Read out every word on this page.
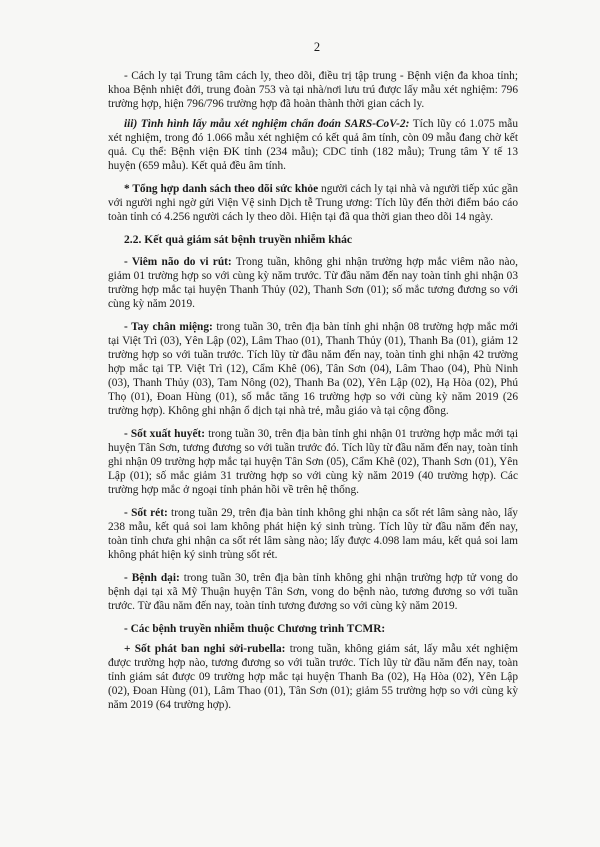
2

- Cách ly tại Trung tâm cách ly, theo dõi, điều trị tập trung - Bệnh viện đa khoa tỉnh; khoa Bệnh nhiệt đới, trung đoàn 753 và tại nhà/nơi lưu trú được lấy mẫu xét nghiệm: 796 trường hợp, hiện 796/796 trường hợp đã hoàn thành thời gian cách ly.

iii) Tình hình lấy mẫu xét nghiệm chẩn đoán SARS-CoV-2: Tích lũy có 1.075 mẫu xét nghiệm, trong đó 1.066 mẫu xét nghiệm có kết quả âm tính, còn 09 mẫu đang chờ kết quả. Cụ thể: Bệnh viện ĐK tỉnh (234 mẫu); CDC tỉnh (182 mẫu); Trung tâm Y tế 13 huyện (659 mẫu). Kết quả đều âm tính.

* Tổng hợp danh sách theo dõi sức khỏe người cách ly tại nhà và người tiếp xúc gần với người nghi ngờ gửi Viện Vệ sinh Dịch tễ Trung ương: Tích lũy đến thời điểm báo cáo toàn tỉnh có 4.256 người cách ly theo dõi. Hiện tại đã qua thời gian theo dõi 14 ngày.

2.2. Kết quả giám sát bệnh truyền nhiễm khác

- Viêm não do vi rút: Trong tuần, không ghi nhận trường hợp mắc viêm não nào, giảm 01 trường hợp so với cùng kỳ năm trước. Từ đầu năm đến nay toàn tỉnh ghi nhận 03 trường hợp mắc tại huyện Thanh Thủy (02), Thanh Sơn (01); số mắc tương đương so với cùng kỳ năm 2019.

- Tay chân miệng: trong tuần 30, trên địa bàn tỉnh ghi nhận 08 trường hợp mắc mới tại Việt Trì (03), Yên Lập (02), Lâm Thao (01), Thanh Thủy (01), Thanh Ba (01), giảm 12 trường hợp so với tuần trước. Tích lũy từ đầu năm đến nay, toàn tỉnh ghi nhận 42 trường hợp mắc tại TP. Việt Trì (12), Cẩm Khê (06), Tân Sơn (04), Lâm Thao (04), Phù Ninh (03), Thanh Thủy (03), Tam Nông (02), Thanh Ba (02), Yên Lập (02), Hạ Hòa (02), Phú Thọ (01), Đoan Hùng (01), số mắc tăng 16 trường hợp so với cùng kỳ năm 2019 (26 trường hợp). Không ghi nhận ổ dịch tại nhà trẻ, mẫu giáo và tại cộng đồng.

- Sốt xuất huyết: trong tuần 30, trên địa bàn tỉnh ghi nhận 01 trường hợp mắc mới tại huyện Tân Sơn, tương đương so với tuần trước đó. Tích lũy từ đầu năm đến nay, toàn tỉnh ghi nhận 09 trường hợp mắc tại huyện Tân Sơn (05), Cẩm Khê (02), Thanh Sơn (01), Yên Lập (01); số mắc giảm 31 trường hợp so với cùng kỳ năm 2019 (40 trường hợp). Các trường hợp mắc ở ngoại tỉnh phản hồi về trên hệ thống.

- Sốt rét: trong tuần 29, trên địa bàn tỉnh không ghi nhận ca sốt rét lâm sàng nào, lấy 238 mẫu, kết quả soi lam không phát hiện ký sinh trùng. Tích lũy từ đầu năm đến nay, toàn tỉnh chưa ghi nhận ca sốt rét lâm sàng nào; lấy được 4.098 lam máu, kết quả soi lam không phát hiện ký sinh trùng sốt rét.

- Bệnh dại: trong tuần 30, trên địa bàn tỉnh không ghi nhận trường hợp tử vong do bệnh dại tại xã Mỹ Thuận huyện Tân Sơn, vong do bệnh nào, tương đương so với tuần trước. Từ đầu năm đến nay, toàn tỉnh tương đương so với cùng kỳ năm 2019.

- Các bệnh truyền nhiễm thuộc Chương trình TCMR:

+ Sốt phát ban nghi sởi-rubella: trong tuần, không giám sát, lấy mẫu xét nghiệm được trường hợp nào, tương đương so với tuần trước. Tích lũy từ đầu năm đến nay, toàn tỉnh giám sát được 09 trường hợp mắc tại huyện Thanh Ba (02), Hạ Hòa (02), Yên Lập (02), Đoan Hùng (01), Lâm Thao (01), Tân Sơn (01); giảm 55 trường hợp so với cùng kỳ năm 2019 (64 trường hợp).
